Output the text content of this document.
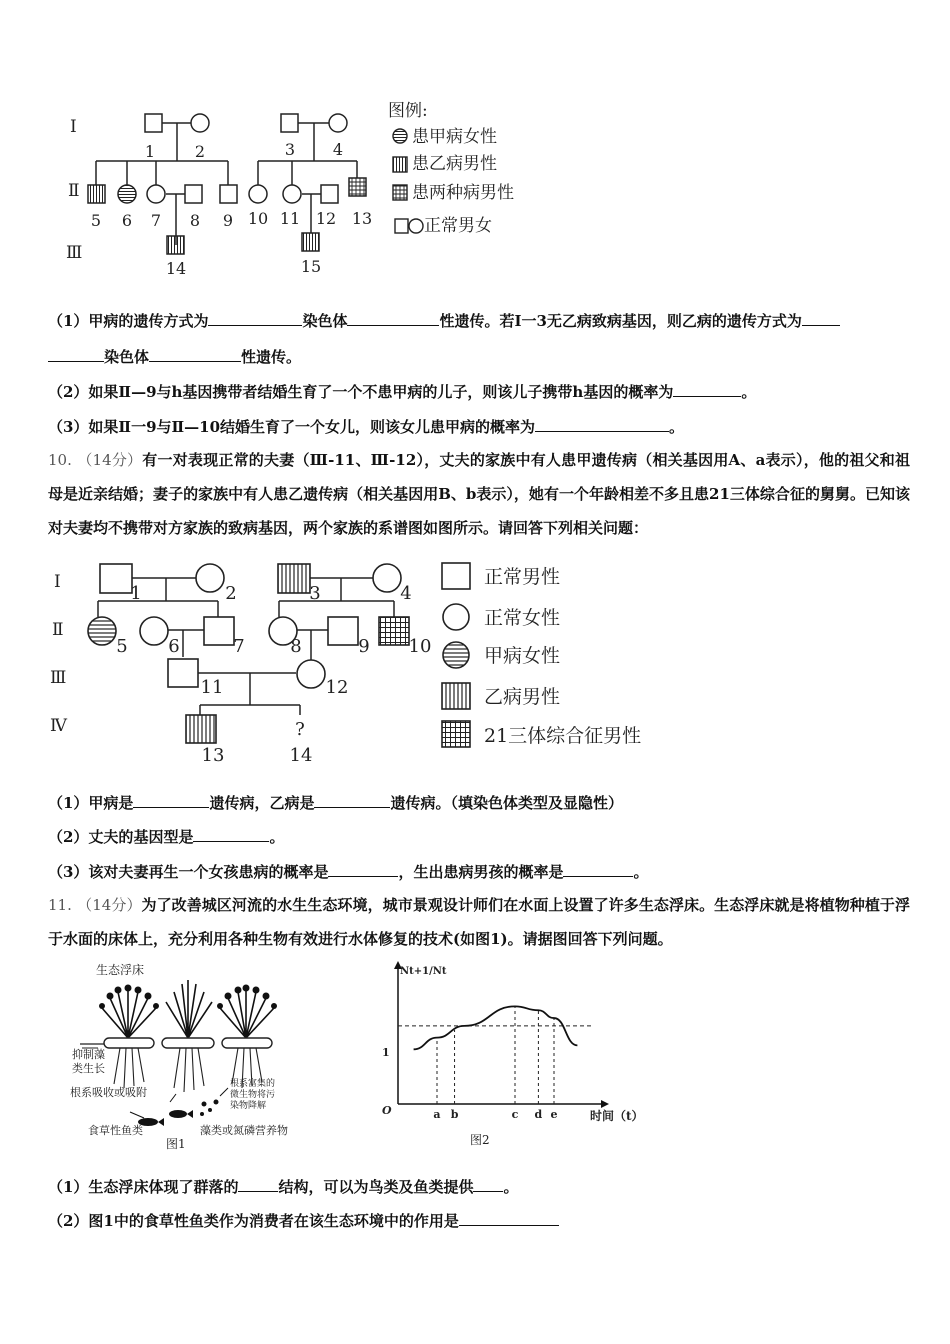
Ⅰ
Ⅱ
Ⅲ
1 2	3 4
5 6 7 8 9 10 11 12 13
14	15
图例:
患甲病女性
患乙病男性
患两种病男性
正常男女
（1）甲病的遗传方式为	染色体	性遗传。若Ⅰ一3无乙病致病基因，则乙病的遗传方式为
染色体	性遗传。
（2）如果Ⅱ—9与h基因携带者结婚生育了一个不患甲病的儿子，则该儿子携带h基因的概率为	。
（3）如果Ⅱ一9与Ⅱ—10结婚生育了一个女儿，则该女儿患甲病的概率为	。
10. （14分）有一对表现正常的夫妻（Ⅲ-11、Ⅲ-12），丈夫的家族中有人患甲遗传病（相关基因用A、a表示），他的祖父和祖母是近亲结婚；妻子的家族中有人患乙遗传病（相关基因用B、b表示），她有一个年龄相差不多且患21三体综合征的舅舅。已知该对夫妻均不携带对方家族的致病基因，两个家族的系谱图如图所示。请回答下列相关问题：
Ⅰ
Ⅱ
Ⅲ
Ⅳ
1	2	3	4
5 6	7	8	9 10
11	12
13
?
14
正常男性
正常女性
甲病女性
乙病男性
21三体综合征男性
（1）甲病是	遗传病，乙病是	遗传病。（填染色体类型及显隐性）
（2）丈夫的基因型是	。
（3）该对夫妻再生一个女孩患病的概率是	，生出患病男孩的概率是	。
11. （14分）为了改善城区河流的水生生态环境，城市景观设计师们在水面上设置了许多生态浮床。生态浮床就是将植物种植于浮于水面的床体上，充分利用各种生物有效进行水体修复的技术(如图1)。请据图回答下列问题。
生态浮床
抑制藻
类生长
根系吸收或吸附
根系富集的
微生物将污
染物降解
食草性鱼类	藻类或氮磷营养物
图1
a b	c d e
Nt+1/Nt
1
O	时间（t）
图2
（1）生态浮床体现了群落的	结构，可以为鸟类及鱼类提供 。
（2）图1中的食草性鱼类作为消费者在该生态环境中的作用是
